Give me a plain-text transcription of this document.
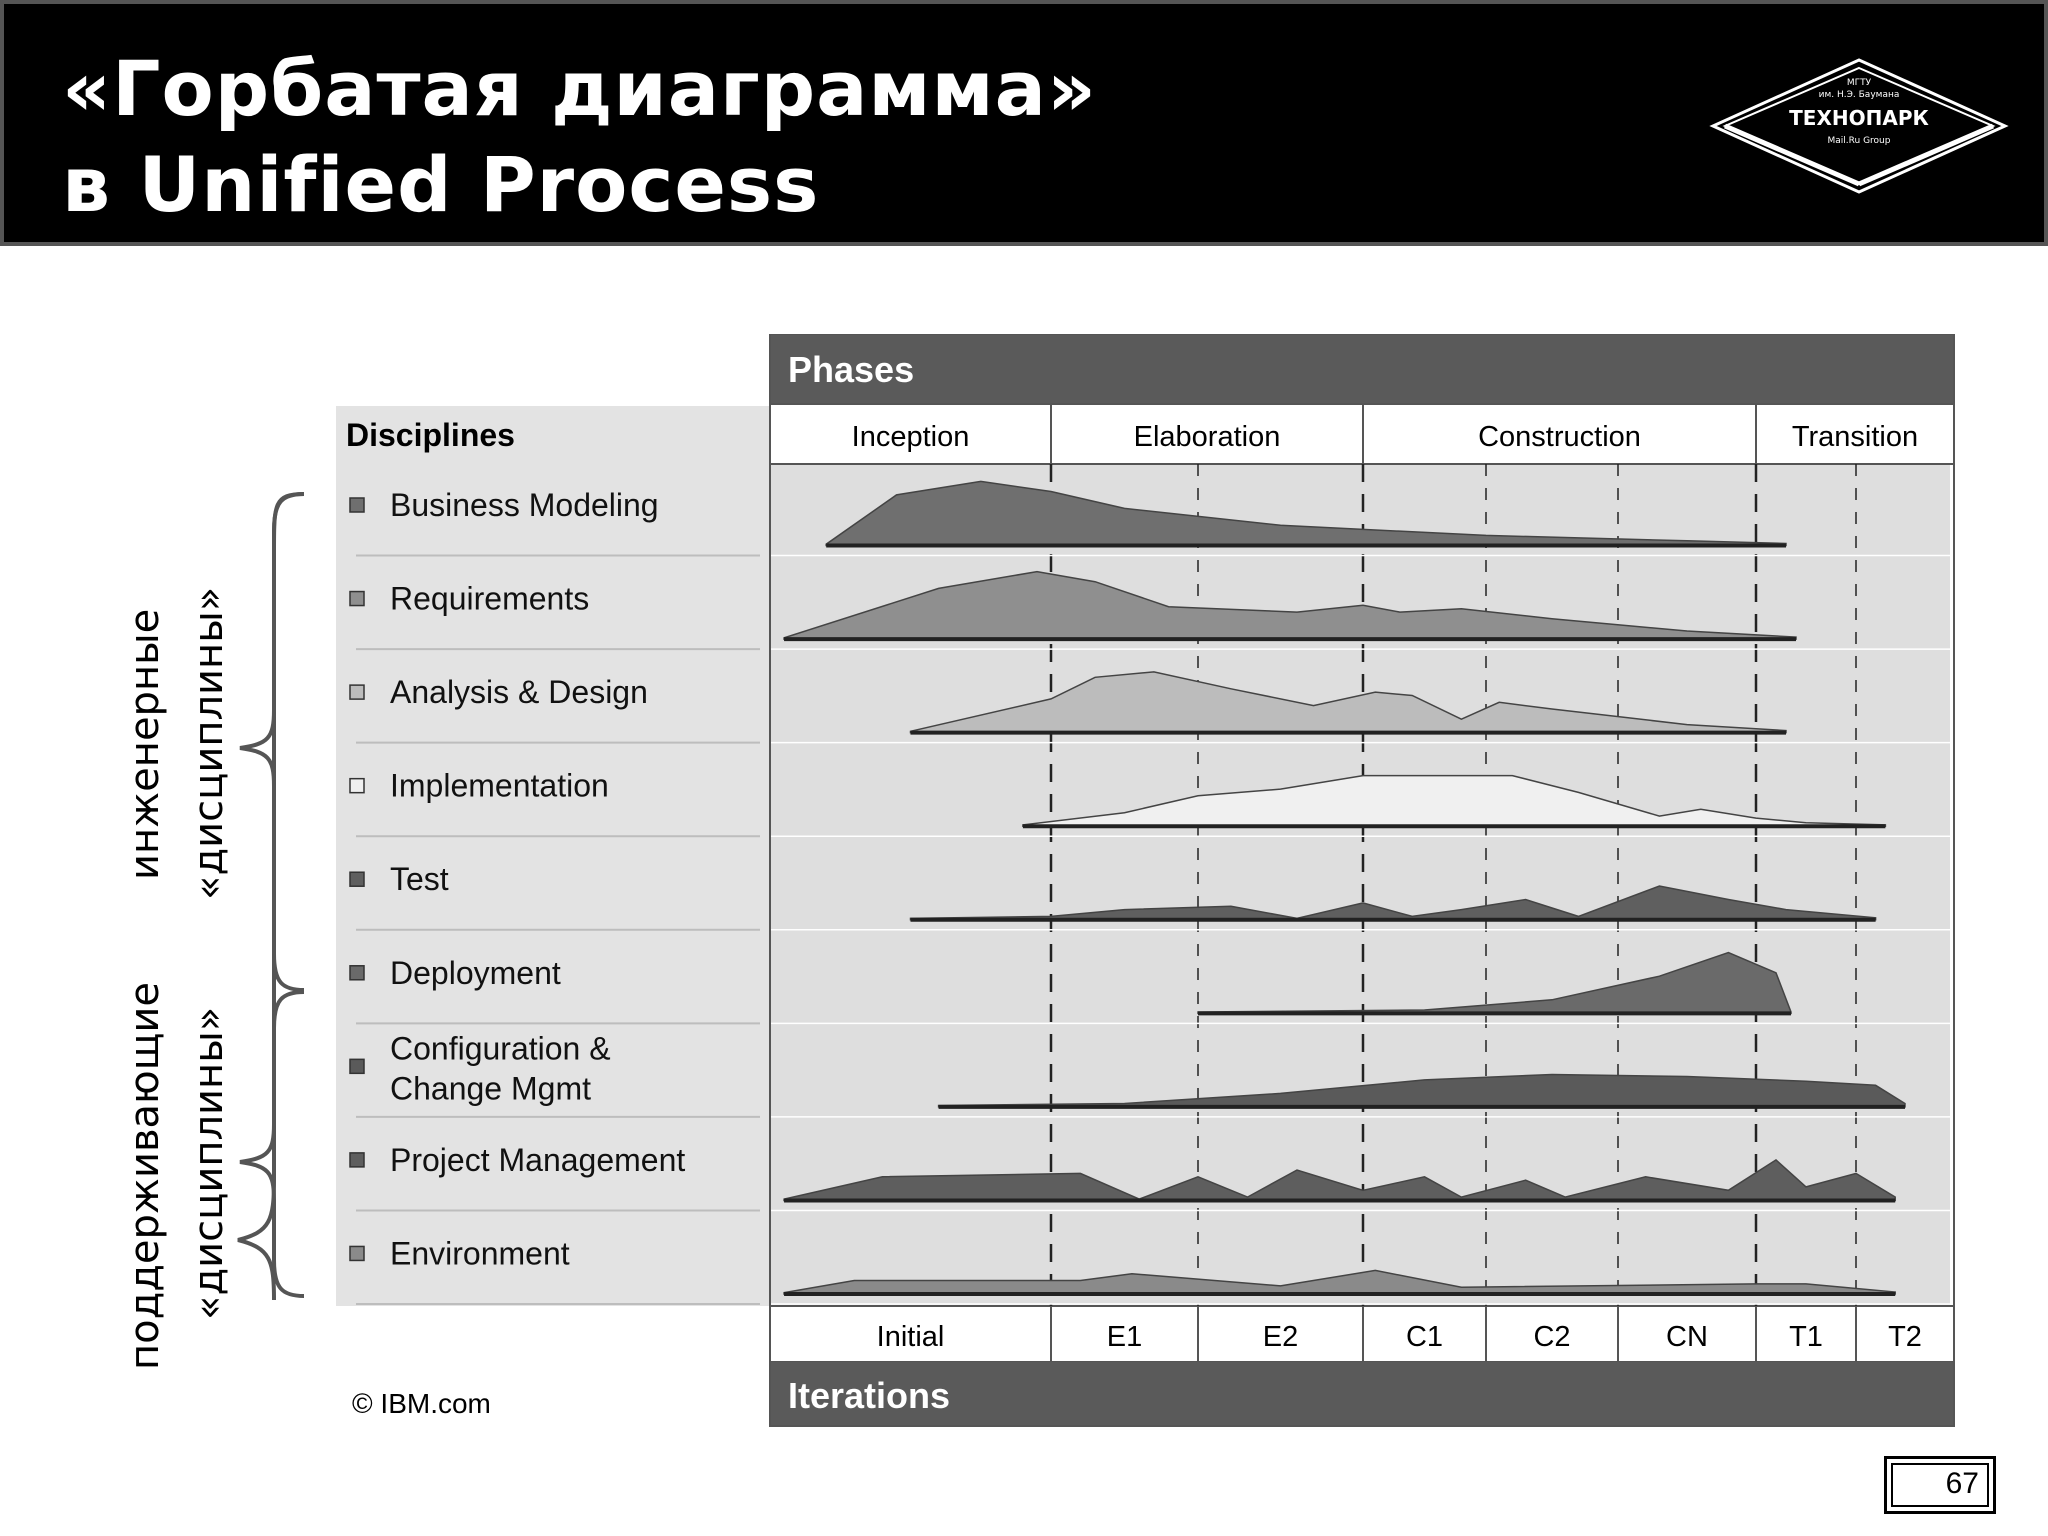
«Горбатая диаграмма»
в Unified Process
МГТУ
им. Н.Э. Баумана
ТЕХНОПАРК
Mail.Ru Group
инженерные «дисциплины»
поддерживающие «дисциплины»
Phases
Disciplines
Iterations
Inception	Elaboration	Construction	Transition
Initial	E1	E2	C1	C2	CN	T1 T2
Business Modeling
Requirements
Analysis & Design
Implementation
Test
Deployment
Configuration & Change Mgmt
Project Management
Environment
© IBM.com
67
